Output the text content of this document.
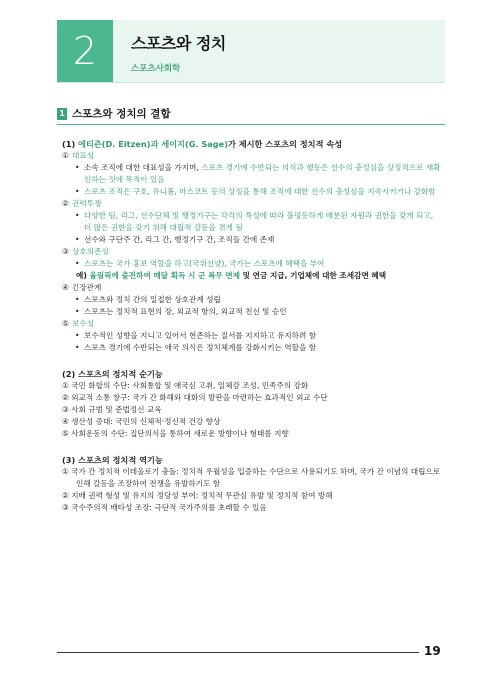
2	스포츠와 정치
스포츠사회학
1 스포츠와 정치의 결합
(1) 에티즌(D. Eitzen)과 세이지(G. Sage)가 제시한 스포츠의 정치적 속성
① 대표성
• 소속 조직에 대한 대표성을 가지며, 스포츠 경기에 수반되는 의식과 행동은 선수의 충성심을 상징적으로 재확인하는 것에 목적이 있음
• 스포츠 조직은 구호, 유니폼, 마스코트 등의 상징을 통해 조직에 대한 선수의 충성심을 지속시키거나 강화함
② 권력투쟁
• 다양한 팀, 리그, 선수단체 및 행정기구는 각각의 특성에 따라 불평등하게 배분된 자원과 권한을 갖게 되고, 더 많은 권한을 갖기 위해 대립적 갈등을 겪게 됨
• 선수와 구단주 간, 리그 간, 행정기구 간, 조직들 간에 존재
③ 상호의존성
• 스포츠는 국가 홍보 역할을 하고(국위선양), 국가는 스포츠에 혜택을 부여
예) 올림픽에 출전하여 메달 획득 시 군 복무 면제 및 연금 지급, 기업체에 대한 조세감면 혜택
④ 긴장관계
• 스포츠와 정치 간의 밀접한 상호관계 성립
• 스포츠는 정치적 표현의 장, 외교적 항의, 외교적 친선 및 승인
⑤ 보수성
• 보수적인 성향을 지니고 있어서 현존하는 질서를 지지하고 유지하려 함
• 스포츠 경기에 수반되는 애국 의식은 정치체계를 강화시키는 역할을 함
(2) 스포츠의 정치적 순기능
① 국민 화합의 수단: 사회통합 및 애국심 고취, 일체감 조성, 민족주의 강화
② 외교적 소통 창구: 국가 간 화해와 대화의 발판을 마련하는 효과적인 외교 수단
③ 사회 규범 및 준법정신 교육
④ 생산성 증대: 국민의 신체적·정신적 건강 향상
⑤ 사회운동의 수단: 집단의식을 통하여 새로운 방향이나 형태를 지향
(3) 스포츠의 정치적 역기능
① 국가 간 정치적 이데올로기 충돌: 정치적 우월성을 입증하는 수단으로 사용되기도 하며, 국가 간 이념의 대립으로 인해 갈등을 조장하여 전쟁을 유발하기도 함
② 지배 권력 형성 및 유지의 정당성 부여: 정치적 무관심 유발 및 정치적 참여 방해
③ 국수주의적 배타성 조장: 극단적 국가주의를 초래할 수 있음
19
